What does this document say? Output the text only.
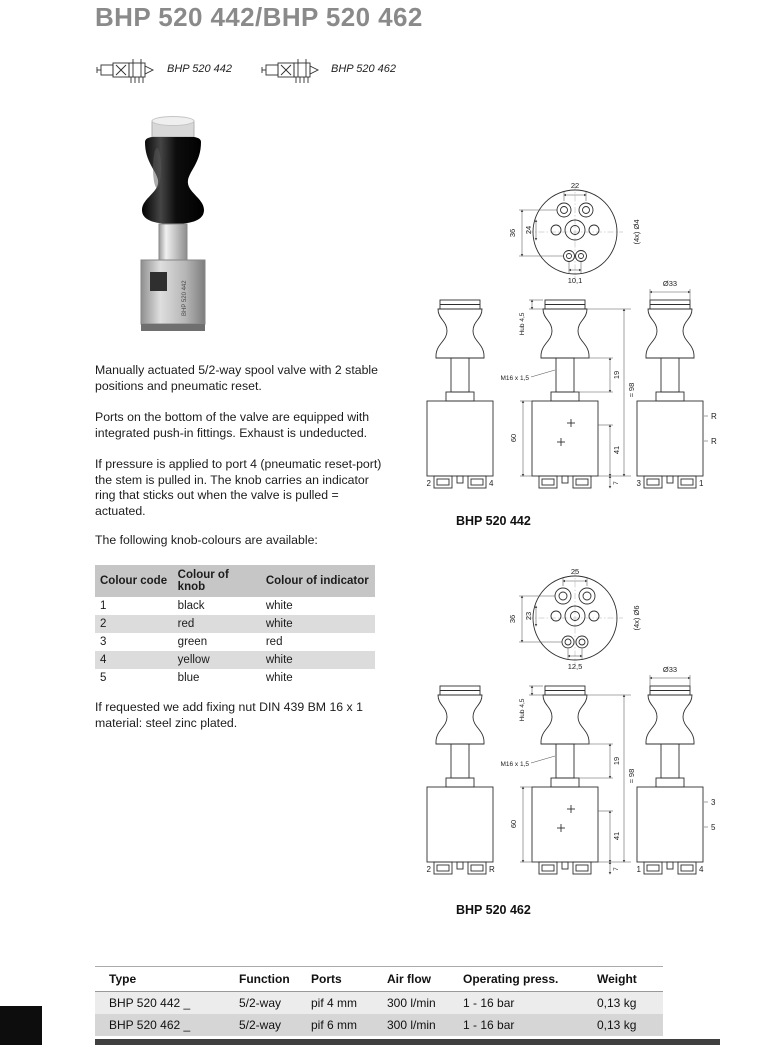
BHP 520 442/BHP 520 462
BHP 520 442	BHP 520 462
BHP 520 442
Manually actuated 5/2-way spool valve with 2 stable positions and pneumatic reset.
Ports on the bottom of the valve are equipped with integrated push-in fittings. Exhaust is undeducted.
If pressure is applied to port 4 (pneumatic reset-port) the stem is pulled in. The knob carries an indicator ring that sticks out when the valve is pulled = actuated.
The following knob-colours are available:
Colour code	Colour of knob	Colour of indicator
1	black	white
2	red	white
3	green	red
4	yellow	white
5	blue	white
If requested we add fixing nut DIN 439 BM 16 x 1
material: steel zinc plated.
22
36 24
10,1
(4x) Ø4
Hub 4,5
M16 x 1,5	19
≈ 98
60
41
7
Ø33
2	4	3	1
R
R
BHP 520 442
25
36 23
12,5
(4x) Ø6
Hub 4,5
M16 x 1,5	19
≈ 98
60
41
7
Ø33
2	R	1	4
3
5
BHP 520 462
Type	Function	Ports	Air flow	Operating press.	Weight
BHP 520 442 _	5/2-way	pif 4 mm	300 l/min	1 - 16 bar	0,13 kg
BHP 520 462 _	5/2-way	pif 6 mm	300 l/min	1 - 16 bar	0,13 kg
